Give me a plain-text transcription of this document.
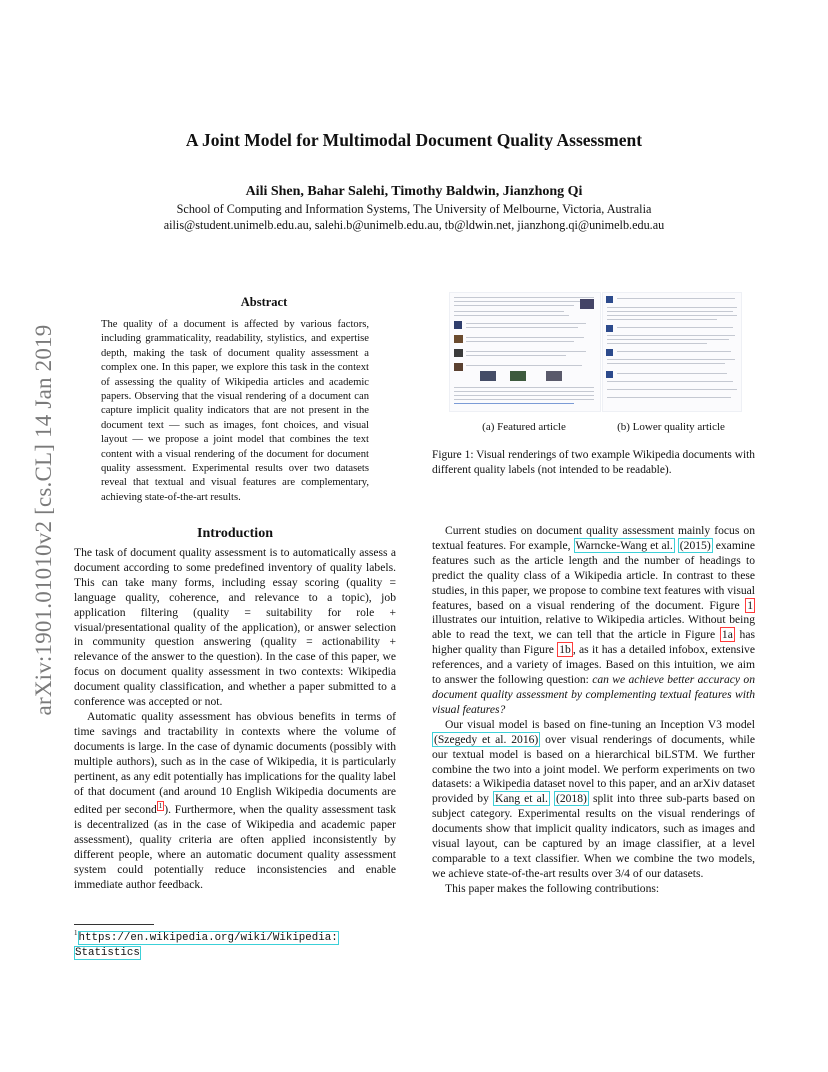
arXiv:1901.01010v2 [cs.CL] 14 Jan 2019
A Joint Model for Multimodal Document Quality Assessment
Aili Shen, Bahar Salehi, Timothy Baldwin, Jianzhong Qi
School of Computing and Information Systems, The University of Melbourne, Victoria, Australia
ailis@student.unimelb.edu.au, salehi.b@unimelb.edu.au, tb@ldwin.net, jianzhong.qi@unimelb.edu.au
Abstract
The quality of a document is affected by various factors, including grammaticality, readability, stylistics, and expertise depth, making the task of document quality assessment a complex one. In this paper, we explore this task in the context of assessing the quality of Wikipedia articles and academic papers. Observing that the visual rendering of a document can capture implicit quality indicators that are not present in the document text — such as images, font choices, and visual layout — we propose a joint model that combines the text content with a visual rendering of the document for document quality assessment. Experimental results over two datasets reveal that textual and visual features are complementary, achieving state-of-the-art results.
Introduction

The task of document quality assessment is to automatically assess a document according to some predefined inventory of quality labels. This can take many forms, including essay scoring (quality = language quality, coherence, and relevance to a topic), job application filtering (quality = suitability for role + visual/presentational quality of the application), or answer selection in community question answering (quality = actionability + relevance of the answer to the question). In the case of this paper, we focus on document quality assessment in two contexts: Wikipedia document quality classification, and whether a paper submitted to a conference was accepted or not.

Automatic quality assessment has obvious benefits in terms of time savings and tractability in contexts where the volume of documents is large. In the case of dynamic documents (possibly with multiple authors), such as in the case of Wikipedia, it is particularly pertinent, as any edit potentially has implications for the quality label of that document (and around 10 English Wikipedia documents are edited per second $^1$ ). Furthermore, when the quality assessment task is decentralized (as in the case of Wikipedia and academic paper assessment), quality criteria are often applied inconsistently by different people, where an automatic document quality assessment system could potentially reduce inconsistencies and enable immediate author feedback.

$^1$https://en.wikipedia.org/wiki/Wikipedia:
Statistics
(a) Featured article	(b) Lower quality article
Figure 1: Visual renderings of two example Wikipedia documents with different quality labels (not intended to be readable).

Current studies on document quality assessment mainly focus on textual features. For example, Warncke-Wang et al. (2015) examine features such as the article length and the number of headings to predict the quality class of a Wikipedia article. In contrast to these studies, in this paper, we propose to combine text features with visual features, based on a visual rendering of the document. Figure 1 illustrates our intuition, relative to Wikipedia articles. Without being able to read the text, we can tell that the article in Figure 1a has higher quality than Figure 1b , as it has a detailed infobox, extensive references, and a variety of images. Based on this intuition, we aim to answer the following question: can we achieve better accuracy on document quality assessment by complementing textual features with visual features?

Our visual model is based on fine-tuning an Inception V3 model (Szegedy et al. 2016) over visual renderings of documents, while our textual model is based on a hierarchical biLSTM. We further combine the two into a joint model. We perform experiments on two datasets: a Wikipedia dataset novel to this paper, and an arXiv dataset provided by Kang et al. (2018) split into three sub-parts based on subject category. Experimental results on the visual renderings of documents show that implicit quality indicators, such as images and visual layout, can be captured by an image classifier, at a level comparable to a text classifier. When we combine the two models, we achieve state-of-the-art results over 3/4 of our datasets.

This paper makes the following contributions:
